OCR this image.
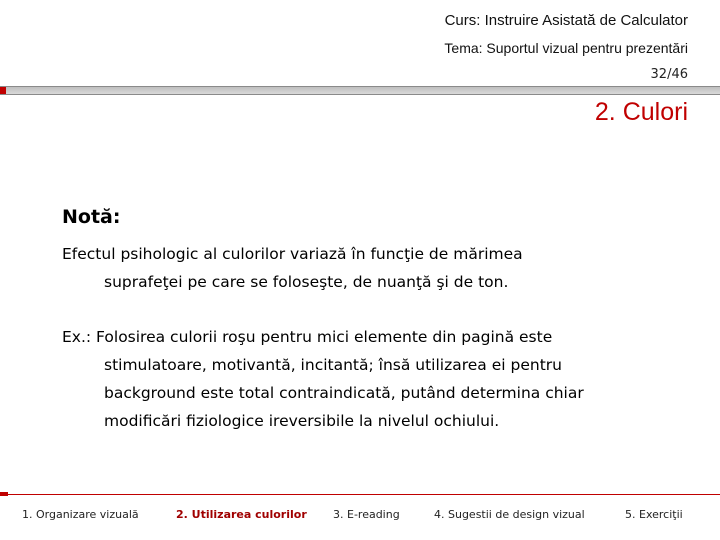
Curs: Instruire Asistată de Calculator
Tema: Suportul vizual pentru prezentări
32/46
2. Culori
Notă:
Efectul psihologic al culorilor variază în funcţie de mărimea
suprafeţei pe care se foloseşte, de nuanţă şi de ton.
Ex.: Folosirea culorii roşu pentru mici elemente din pagină este
stimulatoare, motivantă, incitantă; însă utilizarea ei pentru
background este total contraindicată, putând determina chiar
modificări fiziologice ireversibile la nivelul ochiului.
1. Organizare vizuală	2. Utilizarea culorilor 3. E-reading	4. Sugestii de design vizual	5. Exerciţii
